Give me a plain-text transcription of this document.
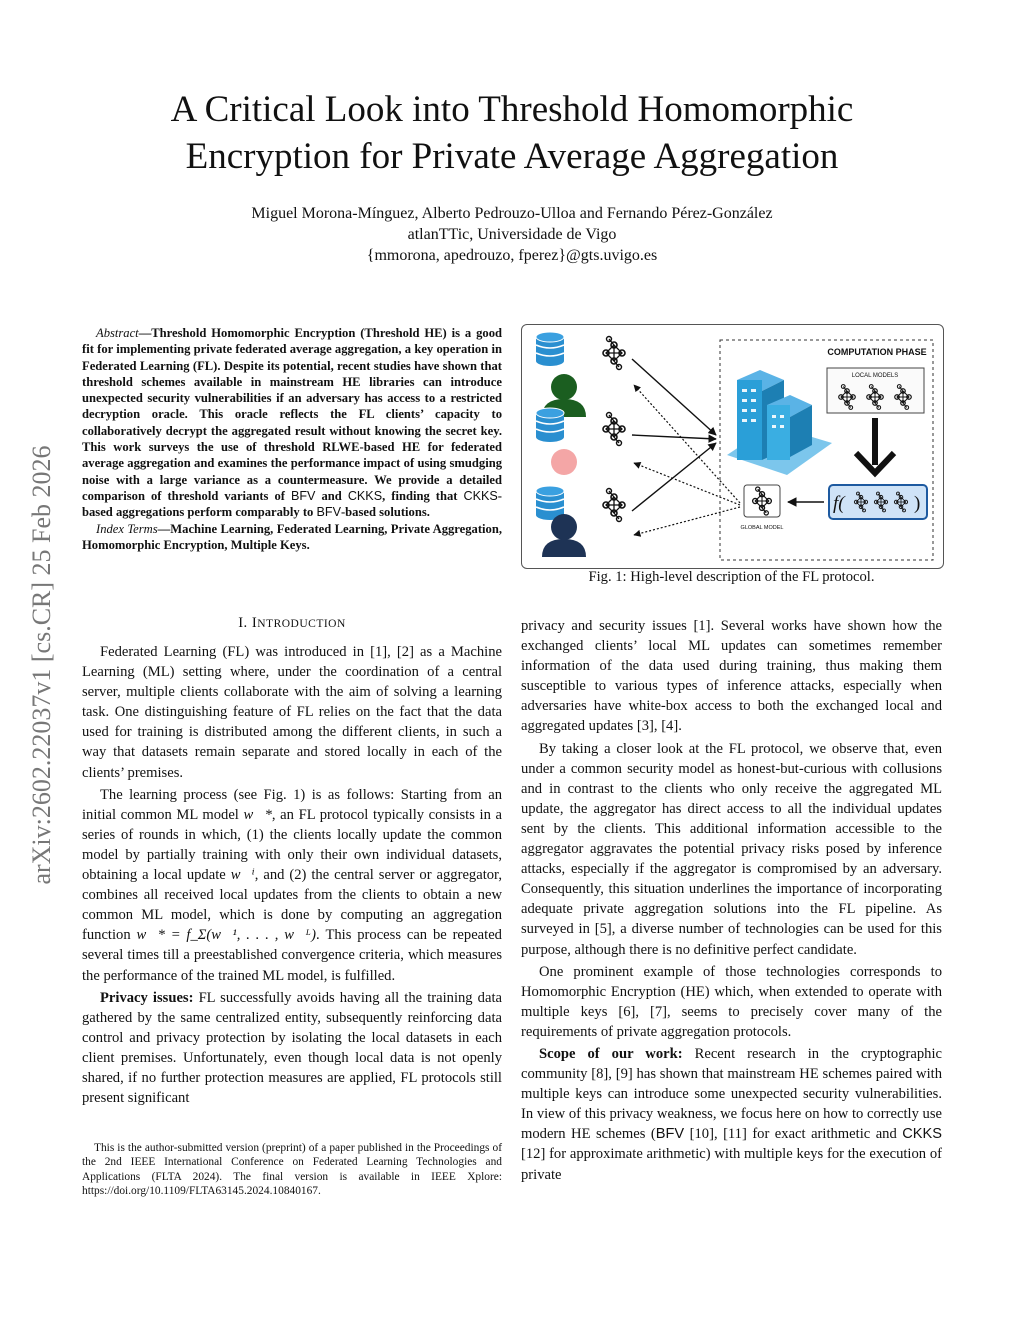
arXiv:2602.22037v1 [cs.CR] 25 Feb 2026
A Critical Look into Threshold Homomorphic
Encryption for Private Average Aggregation
Miguel Morona-Mínguez, Alberto Pedrouzo-Ulloa and Fernando Pérez-González
atlanTTic, Universidade de Vigo
{mmorona, apedrouzo, fperez}@gts.uvigo.es

Abstract—Threshold Homomorphic Encryption (Threshold HE) is a good fit for implementing private federated average aggregation, a key operation in Federated Learning (FL). Despite its potential, recent studies have shown that threshold schemes available in mainstream HE libraries can introduce unexpected security vulnerabilities if an adversary has access to a restricted decryption oracle. This oracle reflects the FL clients’ capacity to collaboratively decrypt the aggregated result without knowing the secret key. This work surveys the use of threshold RLWE-based HE for federated average aggregation and examines the performance impact of using smudging noise with a large variance as a countermeasure. We provide a detailed comparison of threshold variants of BFV and CKKS, finding that CKKS-based aggregations perform comparably to BFV-based solutions.

Index Terms—Machine Learning, Federated Learning, Private Aggregation, Homomorphic Encryption, Multiple Keys.

I. INTRODUCTION

Federated Learning (FL) was introduced in [1], [2] as a Machine Learning (ML) setting where, under the coordination of a central server, multiple clients collaborate with the aim of solving a learning task. One distinguishing feature of FL relies on the fact that the data used for training is distributed among the different clients, in such a way that datasets remain separate and stored locally in each of the clients’ premises.

The learning process (see Fig. 1) is as follows: Starting from an initial common ML model w⃗*, an FL protocol typically consists in a series of rounds in which, (1) the clients locally update the common model by partially training with only their own individual datasets, obtaining a local update w⃗ⁱ, and (2) the central server or aggregator, combines all received local updates from the clients to obtain a new common ML model, which is done by computing an aggregation function w⃗* = f_Σ(w⃗¹, . . . , w⃗ᴸ). This process can be repeated several times till a preestablished convergence criteria, which measures the performance of the trained ML model, is fulfilled.

Privacy issues: FL successfully avoids having all the training data gathered by the same centralized entity, subsequently reinforcing data control and privacy protection by isolating the local datasets in each client premises. Unfortunately, even though local data is not openly shared, if no further protection measures are applied, FL protocols still present significant

This is the author-submitted version (preprint) of a paper published in the Proceedings of the 2nd IEEE International Conference on Federated Learning Technologies and Applications (FLTA 2024). The final version is available in IEEE Xplore: https://doi.org/10.1109/FLTA63145.2024.10840167.

COMPUTATION PHASE
LOCAL MODELS
f(	)
GLOBAL MODEL
Fig. 1: High-level description of the FL protocol.

privacy and security issues [1]. Several works have shown how the exchanged clients’ local ML updates can sometimes remember information of the data used during training, thus making them susceptible to various types of inference attacks, especially when adversaries have white-box access to both the exchanged local and aggregated updates [3], [4].

By taking a closer look at the FL protocol, we observe that, even under a common security model as honest-but-curious with collusions and in contrast to the clients who only receive the aggregated ML update, the aggregator has direct access to all the individual updates sent by the clients. This additional information accessible to the aggregator aggravates the potential privacy risks posed by inference attacks, especially if the aggregator is compromised by an adversary. Consequently, this situation underlines the importance of incorporating adequate private aggregation solutions into the FL pipeline. As surveyed in [5], a diverse number of technologies can be used for this purpose, although there is no definitive perfect candidate.

One prominent example of those technologies corresponds to Homomorphic Encryption (HE) which, when extended to operate with multiple keys [6], [7], seems to precisely cover many of the requirements of private aggregation protocols.

Scope of our work: Recent research in the cryptographic community [8], [9] has shown that mainstream HE schemes paired with multiple keys can introduce some unexpected security vulnerabilities. In view of this privacy weakness, we focus here on how to correctly use modern HE schemes (BFV [10], [11] for exact arithmetic and CKKS [12] for approximate arithmetic) with multiple keys for the execution of private
